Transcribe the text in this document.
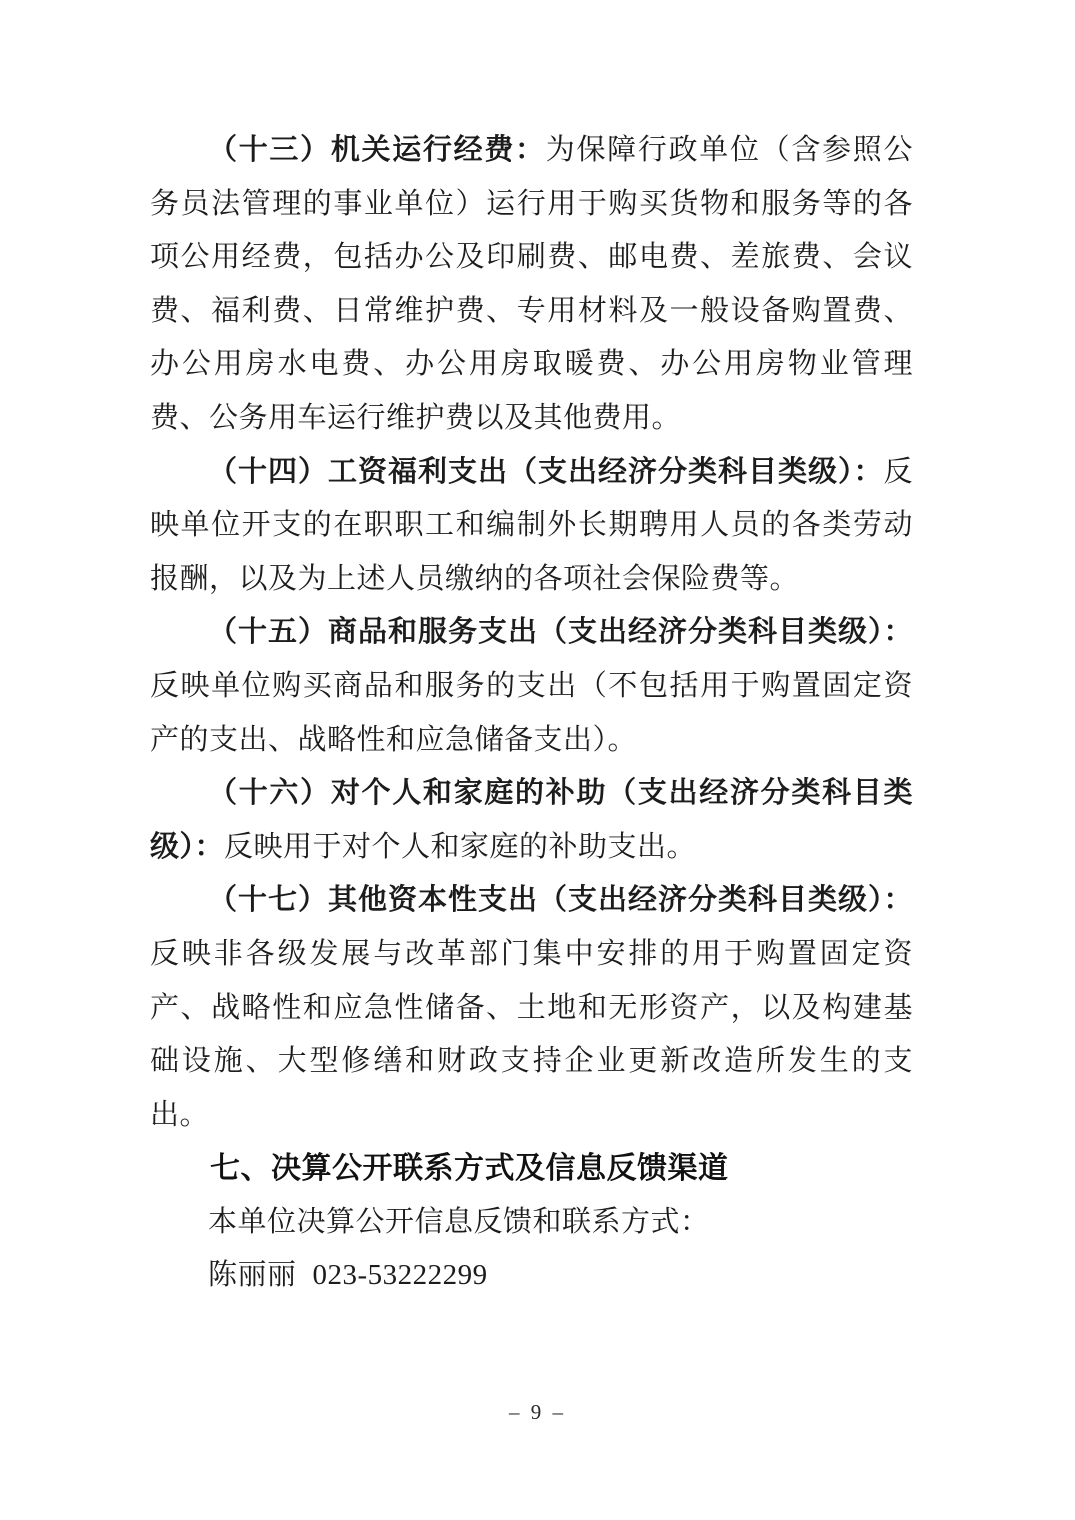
（十三）机关运行经费：为保障行政单位（含参照公务员法管理的事业单位）运行用于购买货物和服务等的各项公用经费，包括办公及印刷费、邮电费、差旅费、会议费、福利费、日常维护费、专用材料及一般设备购置费、办公用房水电费、办公用房取暖费、办公用房物业管理费、公务用车运行维护费以及其他费用。

（十四）工资福利支出（支出经济分类科目类级）：反映单位开支的在职职工和编制外长期聘用人员的各类劳动报酬，以及为上述人员缴纳的各项社会保险费等。

（十五）商品和服务支出（支出经济分类科目类级）：反映单位购买商品和服务的支出（不包括用于购置固定资产的支出、战略性和应急储备支出）。

（十六）对个人和家庭的补助（支出经济分类科目类级）：反映用于对个人和家庭的补助支出。

（十七）其他资本性支出（支出经济分类科目类级）：反映非各级发展与改革部门集中安排的用于购置固定资产、战略性和应急性储备、土地和无形资产，以及构建基础设施、大型修缮和财政支持企业更新改造所发生的支出。

七、决算公开联系方式及信息反馈渠道

本单位决算公开信息反馈和联系方式：

陈丽丽 023-53222299

– 9 –
